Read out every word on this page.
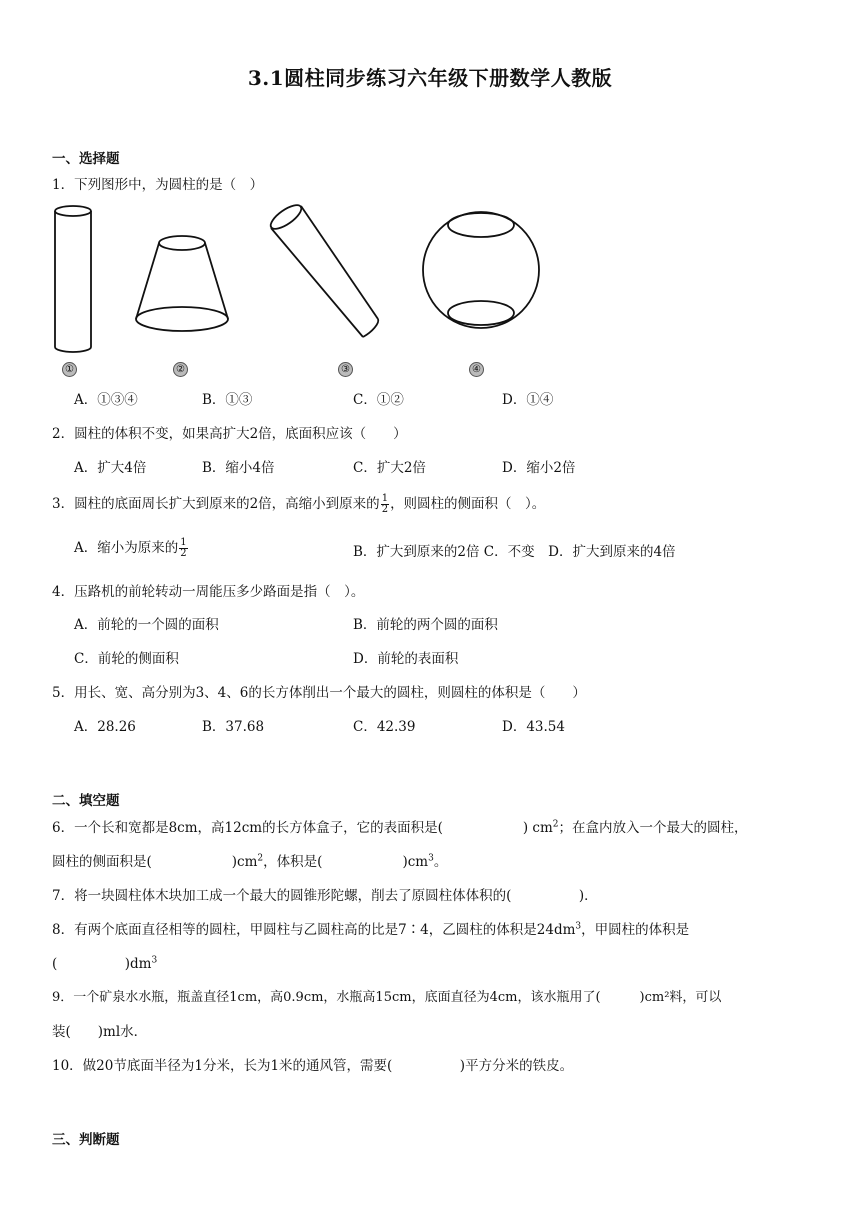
3.1圆柱同步练习六年级下册数学人教版
一、选择题
1．下列图形中，为圆柱的是（　）
①	②	③	④
A．①③④	B．①③	C．①②	D．①④
2．圆柱的体积不变，如果高扩大2倍，底面积应该（　　）
A．扩大4倍	B．缩小4倍	C．扩大2倍	D．缩小2倍
3．圆柱的底面周长扩大到原来的2倍，高缩小到原来的 $\frac{1}{2}$ ，则圆柱的侧面积（　）。
A．缩小为原来的 $\frac{1}{2}$	B．扩大到原来的2倍 C．不变　D．扩大到原来的4倍
4．压路机的前轮转动一周能压多少路面是指（　）。
A．前轮的一个圆的面积	B．前轮的两个圆的面积
C．前轮的侧面积	D．前轮的表面积
5．用长、宽、高分别为3、4、6的长方体削出一个最大的圆柱，则圆柱的体积是（　　）
A．28.26	B．37.68	C．42.39	D．43.54
二、填空题
6．一个长和宽都是8cm，高12cm的长方体盒子，它的表面积是(	) $cm^2$；在盒内放入一个最大的圆柱，
圆柱的侧面积是(	)$cm^2$，体积是(	)$cm^3$。
7．将一块圆柱体木块加工成一个最大的圆锥形陀螺，削去了原圆柱体体积的(　　　　　)．
8．有两个底面直径相等的圆柱，甲圆柱与乙圆柱高的比是7∶4，乙圆柱的体积是$24dm^3$，甲圆柱的体积是
(　　　　　)$dm^3$
9．一个矿泉水水瓶，瓶盖直径1cm，高0.9cm，水瓶高15cm，底面直径为4cm，该水瓶用了(　　　)cm²料，可以
装(　　)ml水．
10．做20节底面半径为1分米，长为1米的通风管，需要(　　　　　)平方分米的铁皮。
三、判断题
